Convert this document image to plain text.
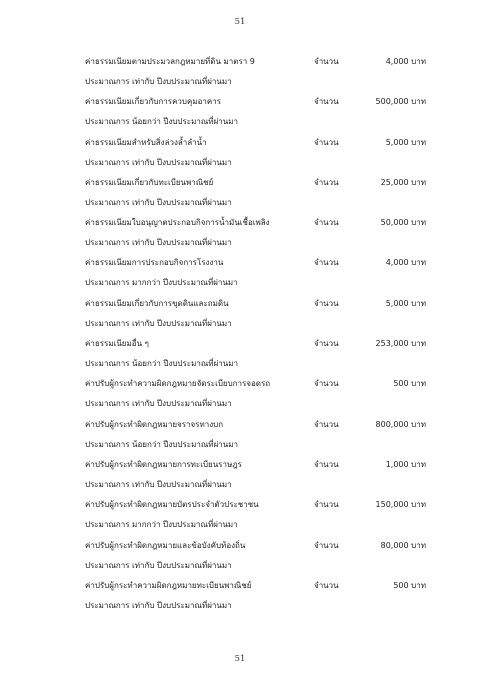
51
ค่าธรรมเนียมตามประมวลกฎหมายที่ดิน มาตรา 9	จำนวน	4,000 บาท
ประมาณการ เท่ากับ ปีงบประมาณที่ผ่านมา
ค่าธรรมเนียมเกี่ยวกับการควบคุมอาคาร	จำนวน	500,000 บาท
ประมาณการ น้อยกว่า ปีงบประมาณที่ผ่านมา
ค่าธรรมเนียมสำหรับสิ่งล่วงล้ำลำน้ำ	จำนวน	5,000 บาท
ประมาณการ เท่ากับ ปีงบประมาณที่ผ่านมา
ค่าธรรมเนียมเกี่ยวกับทะเบียนพาณิชย์	จำนวน	25,000 บาท
ประมาณการ เท่ากับ ปีงบประมาณที่ผ่านมา
ค่าธรรมเนียมใบอนุญาตประกอบกิจการน้ำมันเชื้อเพลิง	จำนวน	50,000 บาท
ประมาณการ เท่ากับ ปีงบประมาณที่ผ่านมา
ค่าธรรมเนียมการประกอบกิจการโรงงาน	จำนวน	4,000 บาท
ประมาณการ มากกว่า ปีงบประมาณที่ผ่านมา
ค่าธรรมเนียมเกี่ยวกับการขุดดินและถมดิน	จำนวน	5,000 บาท
ประมาณการ เท่ากับ ปีงบประมาณที่ผ่านมา
ค่าธรรมเนียมอื่น ๆ	จำนวน	253,000 บาท
ประมาณการ น้อยกว่า ปีงบประมาณที่ผ่านมา
ค่าปรับผู้กระทำความผิดกฎหมายจัดระเบียบการจอดรถ	จำนวน	500 บาท
ประมาณการ เท่ากับ ปีงบประมาณที่ผ่านมา
ค่าปรับผู้กระทำผิดกฎหมายจราจรทางบก	จำนวน	800,000 บาท
ประมาณการ น้อยกว่า ปีงบประมาณที่ผ่านมา
ค่าปรับผู้กระทำผิดกฎหมายการทะเบียนราษฎร	จำนวน	1,000 บาท
ประมาณการ เท่ากับ ปีงบประมาณที่ผ่านมา
ค่าปรับผู้กระทำผิดกฎหมายบัตรประจำตัวประชาชน	จำนวน	150,000 บาท
ประมาณการ มากกว่า ปีงบประมาณที่ผ่านมา
ค่าปรับผู้กระทำผิดกฎหมายและข้อบังคับท้องถิ่น	จำนวน	80,000 บาท
ประมาณการ เท่ากับ ปีงบประมาณที่ผ่านมา
ค่าปรับผู้กระทำความผิดกฎหมายทะเบียนพาณิชย์	จำนวน	500 บาท
ประมาณการ เท่ากับ ปีงบประมาณที่ผ่านมา
51
